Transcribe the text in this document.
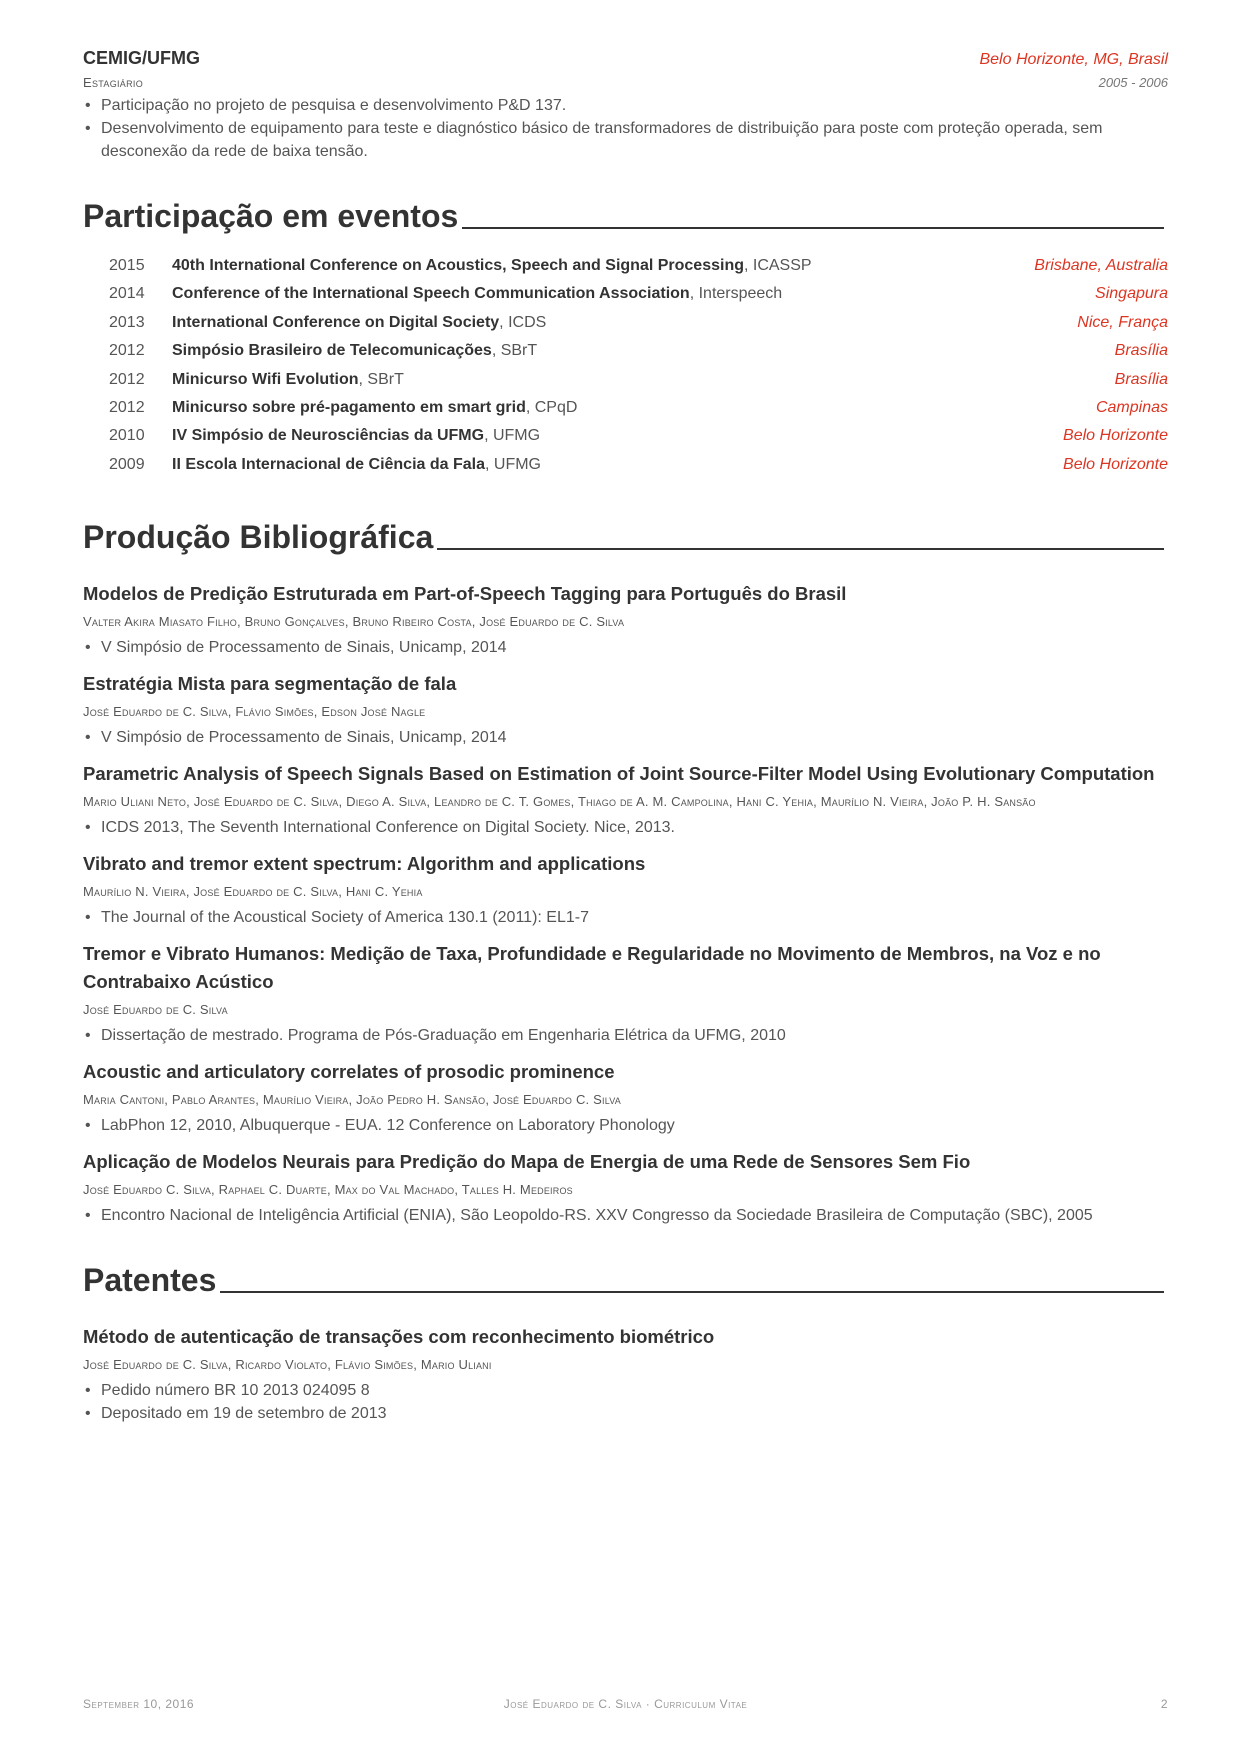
CEMIG/UFMG	Belo Horizonte, MG, Brasil
Estagiário	2005 - 2006
• Participação no projeto de pesquisa e desenvolvimento P&D 137.
• Desenvolvimento de equipamento para teste e diagnóstico básico de transformadores de distribuição para poste com proteção operada, sem desconexão da rede de baixa tensão.
Participação em eventos
2015	40th International Conference on Acoustics, Speech and Signal Processing, ICASSP	Brisbane, Australia
2014	Conference of the International Speech Communication Association, Interspeech	Singapura
2013	International Conference on Digital Society, ICDS	Nice, França
2012	Simpósio Brasileiro de Telecomunicações, SBrT	Brasília
2012	Minicurso Wifi Evolution, SBrT	Brasília
2012	Minicurso sobre pré-pagamento em smart grid, CPqD	Campinas
2010	IV Simpósio de Neurosciências da UFMG, UFMG	Belo Horizonte
2009	II Escola Internacional de Ciência da Fala, UFMG	Belo Horizonte
Produção Bibliográfica
Modelos de Predição Estruturada em Part-of-Speech Tagging para Português do Brasil
Valter Akira Miasato Filho, Bruno Gonçalves, Bruno Ribeiro Costa, José Eduardo de C. Silva
• V Simpósio de Processamento de Sinais, Unicamp, 2014
Estratégia Mista para segmentação de fala
José Eduardo de C. Silva, Flávio Simões, Edson José Nagle
• V Simpósio de Processamento de Sinais, Unicamp, 2014
Parametric Analysis of Speech Signals Based on Estimation of Joint Source-Filter Model Using Evolutionary Computation
Mario Uliani Neto, José Eduardo de C. Silva, Diego A. Silva, Leandro de C. T. Gomes, Thiago de A. M. Campolina, Hani C. Yehia, Maurílio N. Vieira, João P. H. Sansão
• ICDS 2013, The Seventh International Conference on Digital Society. Nice, 2013.
Vibrato and tremor extent spectrum: Algorithm and applications
Maurílio N. Vieira, José Eduardo de C. Silva, Hani C. Yehia
• The Journal of the Acoustical Society of America 130.1 (2011): EL1-7
Tremor e Vibrato Humanos: Medição de Taxa, Profundidade e Regularidade no Movimento de Membros, na Voz e no Contrabaixo Acústico
José Eduardo de C. Silva
• Dissertação de mestrado. Programa de Pós-Graduação em Engenharia Elétrica da UFMG, 2010
Acoustic and articulatory correlates of prosodic prominence
Maria Cantoni, Pablo Arantes, Maurílio Vieira, João Pedro H. Sansão, José Eduardo C. Silva
• LabPhon 12, 2010, Albuquerque - EUA. 12 Conference on Laboratory Phonology
Aplicação de Modelos Neurais para Predição do Mapa de Energia de uma Rede de Sensores Sem Fio
José Eduardo C. Silva, Raphael C. Duarte, Max do Val Machado, Talles H. Medeiros
• Encontro Nacional de Inteligência Artificial (ENIA), São Leopoldo-RS. XXV Congresso da Sociedade Brasileira de Computação (SBC), 2005
Patentes
Método de autenticação de transações com reconhecimento biométrico
José Eduardo de C. Silva, Ricardo Violato, Flávio Simões, Mario Uliani
• Pedido número BR 10 2013 024095 8
• Depositado em 19 de setembro de 2013
September 10, 2016	José Eduardo de C. Silva · Curriculum Vitae	2
